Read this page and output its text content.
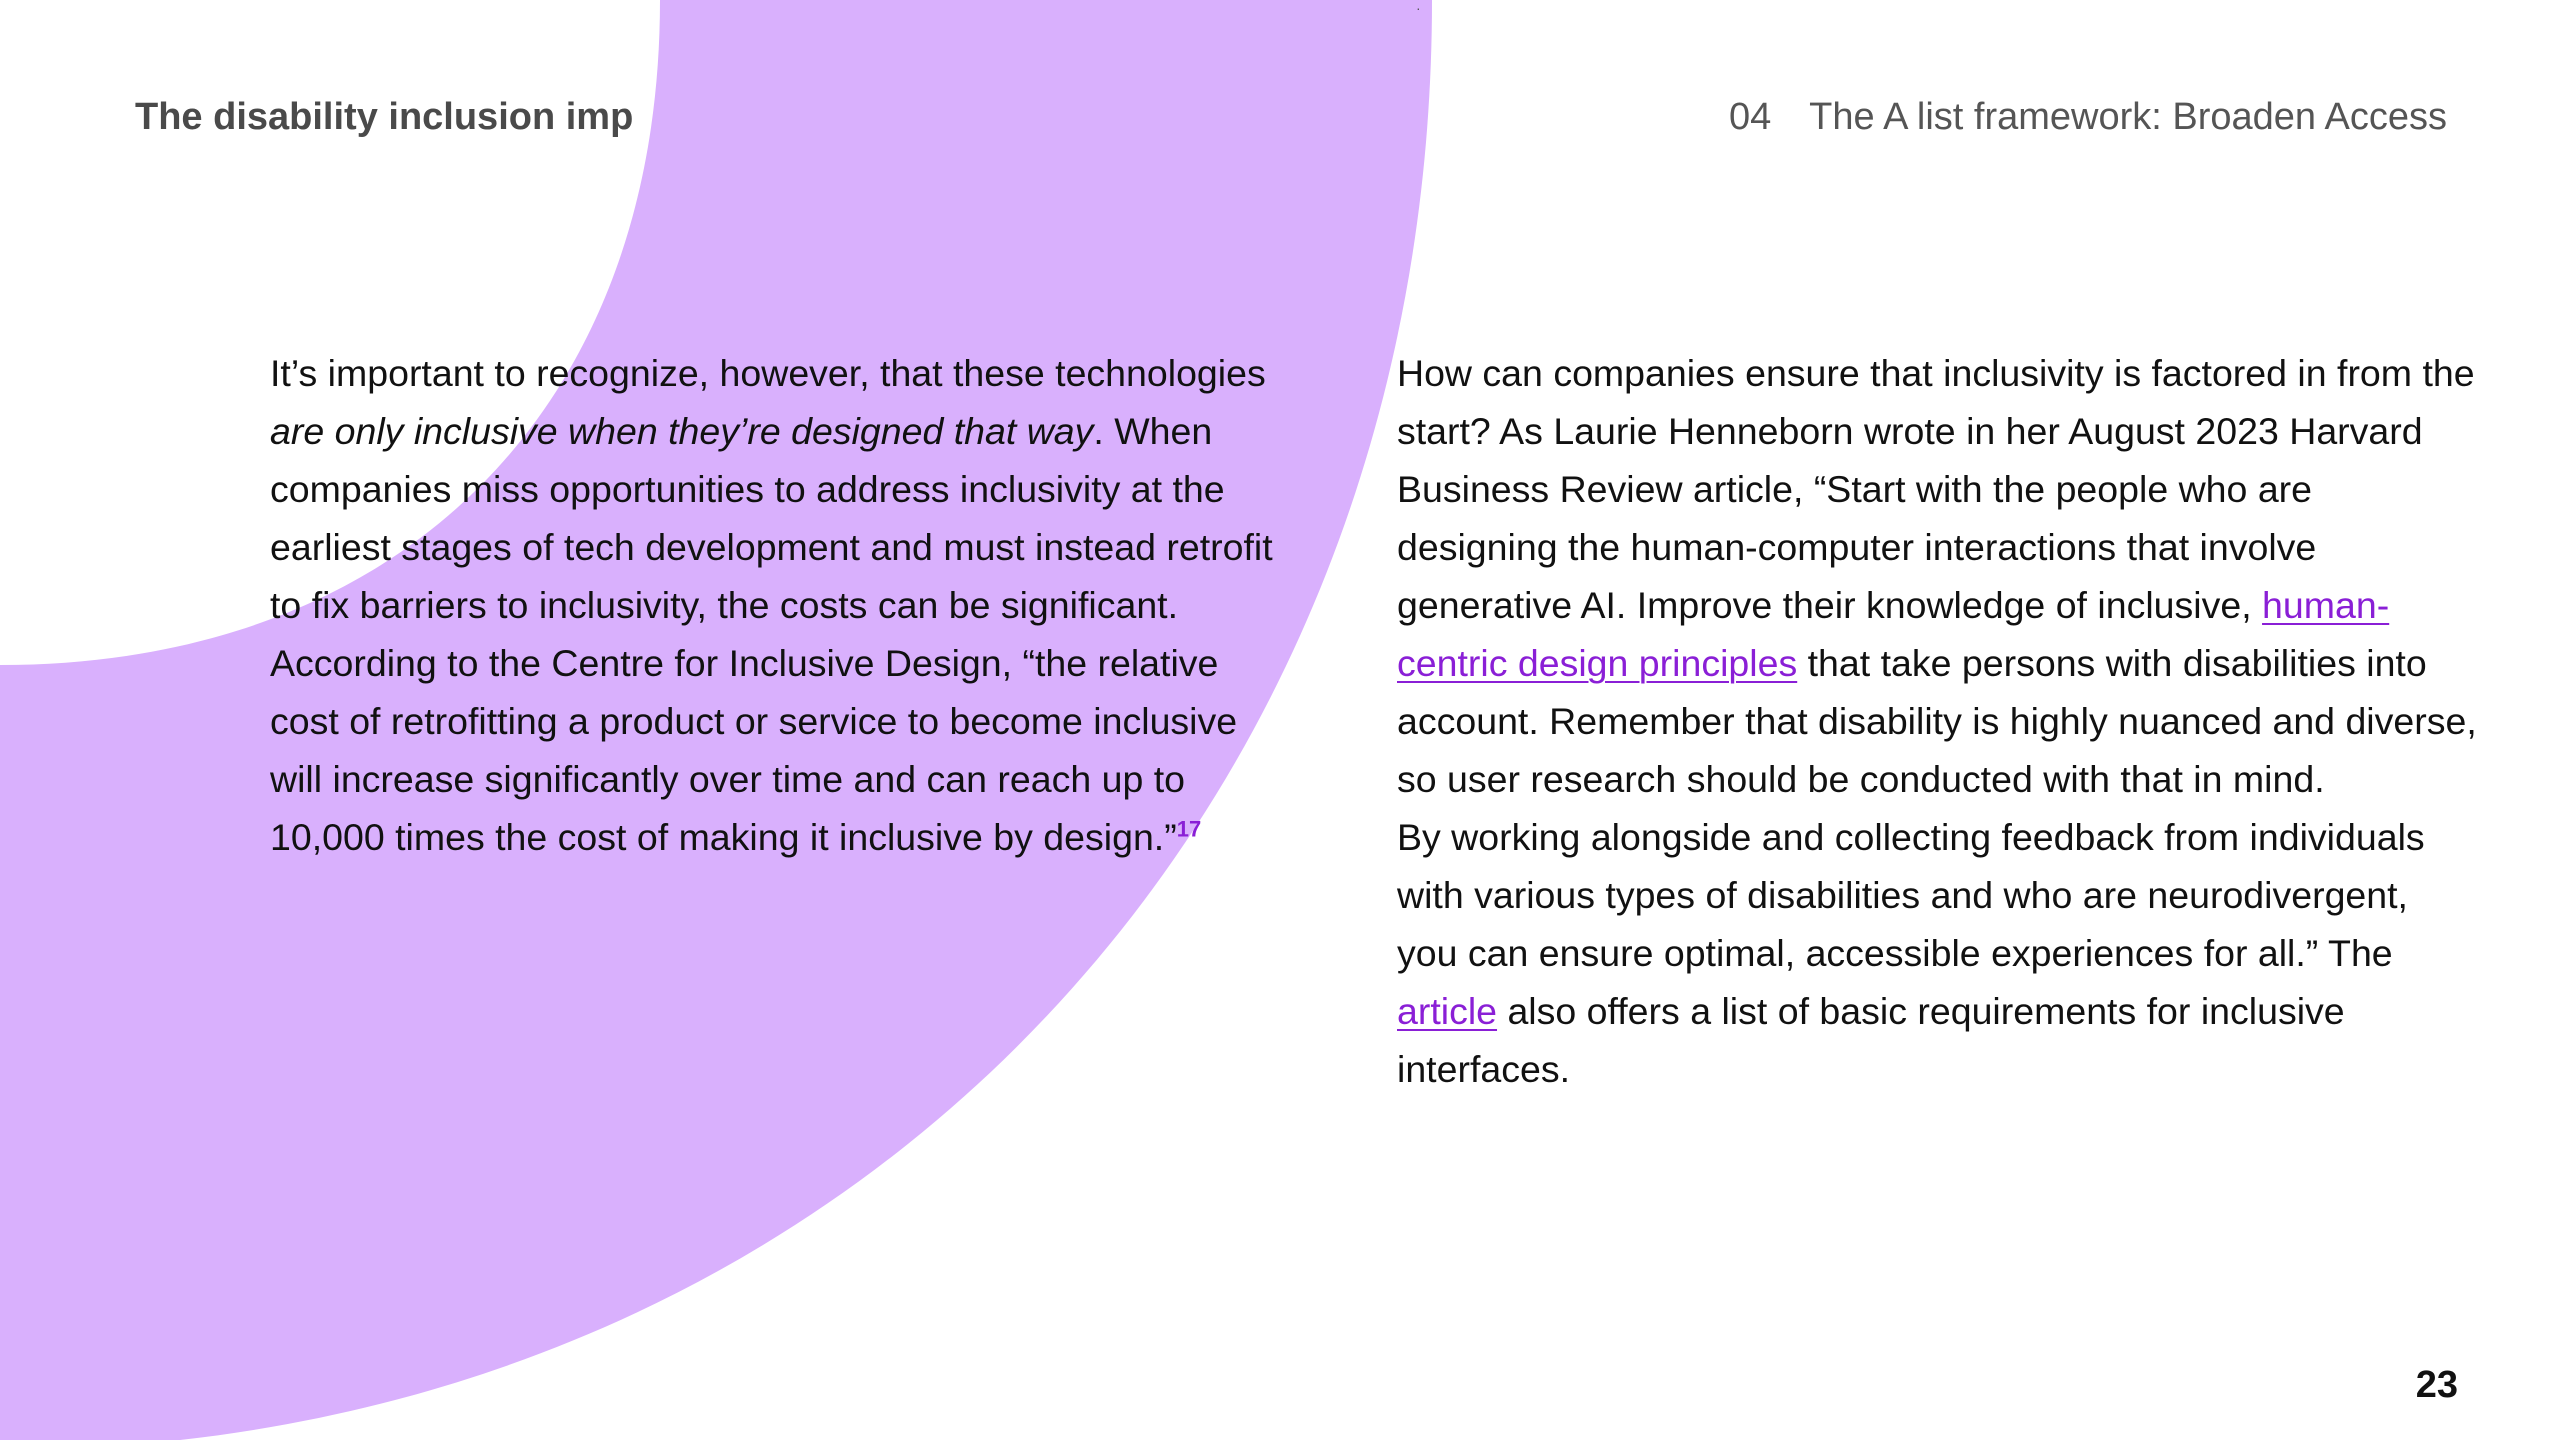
·
The disability inclusion imp	04 The A list framework: Broaden Access

It’s important to recognize, however, that these technologies are only inclusive when they’re designed that way. When companies miss opportunities to address inclusivity at the earliest stages of tech development and must instead retrofit to fix barriers to inclusivity, the costs can be significant. According to the Centre for Inclusive Design, “the relative cost of retrofitting a product or service to become inclusive will increase significantly over time and can reach up to 10,000 times the cost of making it inclusive by design.”$^{17}$

How can companies ensure that inclusivity is factored in from the start? As Laurie Henneborn wrote in her August 2023 Harvard Business Review article, “Start with the people who are designing the human-computer interactions that involve generative AI. Improve their knowledge of inclusive, human-centric design principles that take persons with disabilities into account. Remember that disability is highly nuanced and diverse, so user research should be conducted with that in mind.

By working alongside and collecting feedback from individuals with various types of disabilities and who are neurodivergent, you can ensure optimal, accessible experiences for all.” The article also offers a list of basic requirements for inclusive interfaces.

23
